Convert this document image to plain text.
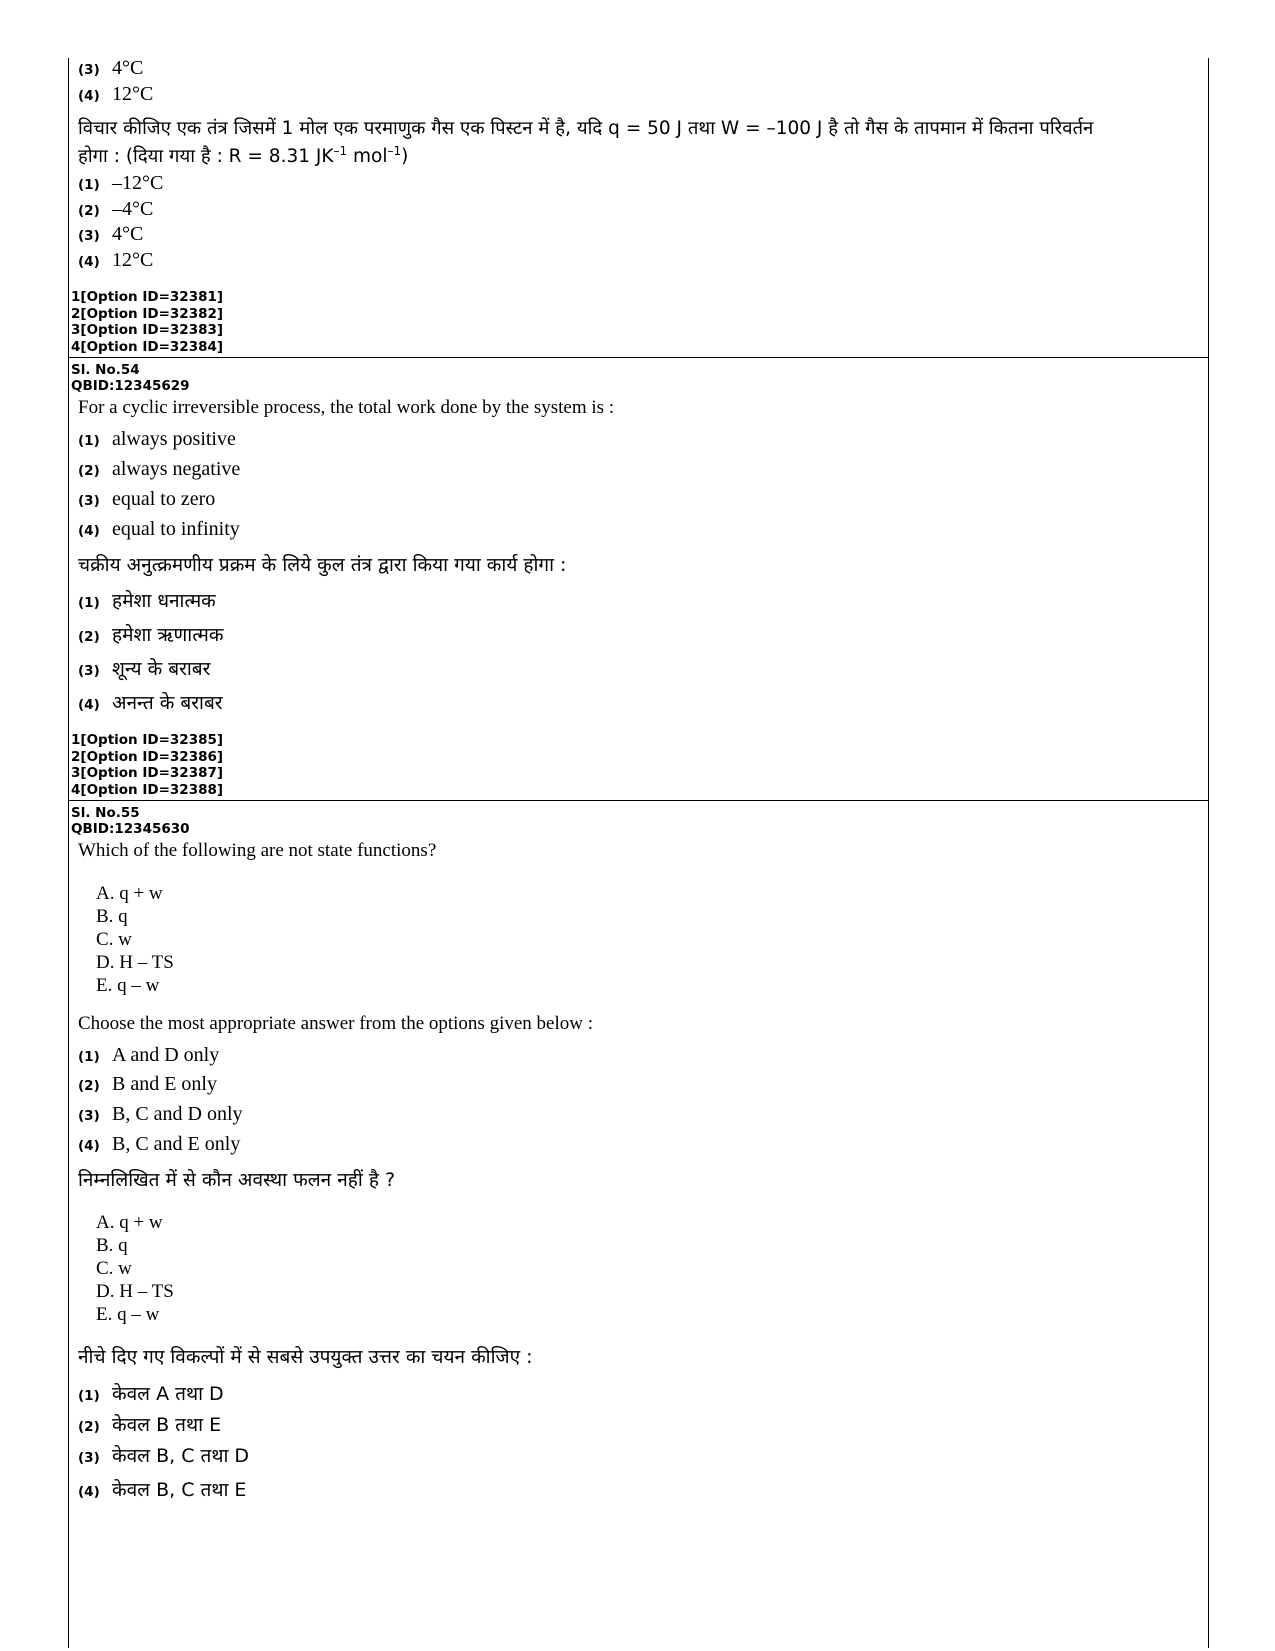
(3) 4°C
(4) 12°C
विचार कीजिए एक तंत्र जिसमें 1 मोल एक परमाणुक गैस एक पिस्टन में है, यदि q = 50 J तथा W = –100 J है तो गैस के तापमान में कितना परिवर्तन
होगा : (दिया गया है : R = 8.31 $JK^{-1}$ mol$^{-1}$)
(1) –12°C
(2) –4°C
(3) 4°C
(4) 12°C
1[Option ID=32381]
2[Option ID=32382]
3[Option ID=32383]
4[Option ID=32384]
Sl. No.54
QBID:12345629
For a cyclic irreversible process, the total work done by the system is :
(1) always positive
(2) always negative
(3) equal to zero
(4) equal to infinity
चक्रीय अनुत्क्रमणीय प्रक्रम के लिये कुल तंत्र द्वारा किया गया कार्य होगा :
(1) हमेशा धनात्मक
(2) हमेशा ऋणात्मक
(3) शून्य के बराबर
(4) अनन्त के बराबर
1[Option ID=32385]
2[Option ID=32386]
3[Option ID=32387]
4[Option ID=32388]
Sl. No.55
QBID:12345630
Which of the following are not state functions?
A. q + w
B. q
C. w
D. H – TS
E. q – w
Choose the most appropriate answer from the options given below :
(1) A and D only
(2) B and E only
(3) B, C and D only
(4) B, C and E only
निम्नलिखित में से कौन अवस्था फलन नहीं है ?
A. q + w
B. q
C. w
D. H – TS
E. q – w
नीचे दिए गए विकल्पों में से सबसे उपयुक्त उत्तर का चयन कीजिए :
(1) केवल A तथा D
(2) केवल B तथा E
(3) केवल B, C तथा D
(4) केवल B, C तथा E
